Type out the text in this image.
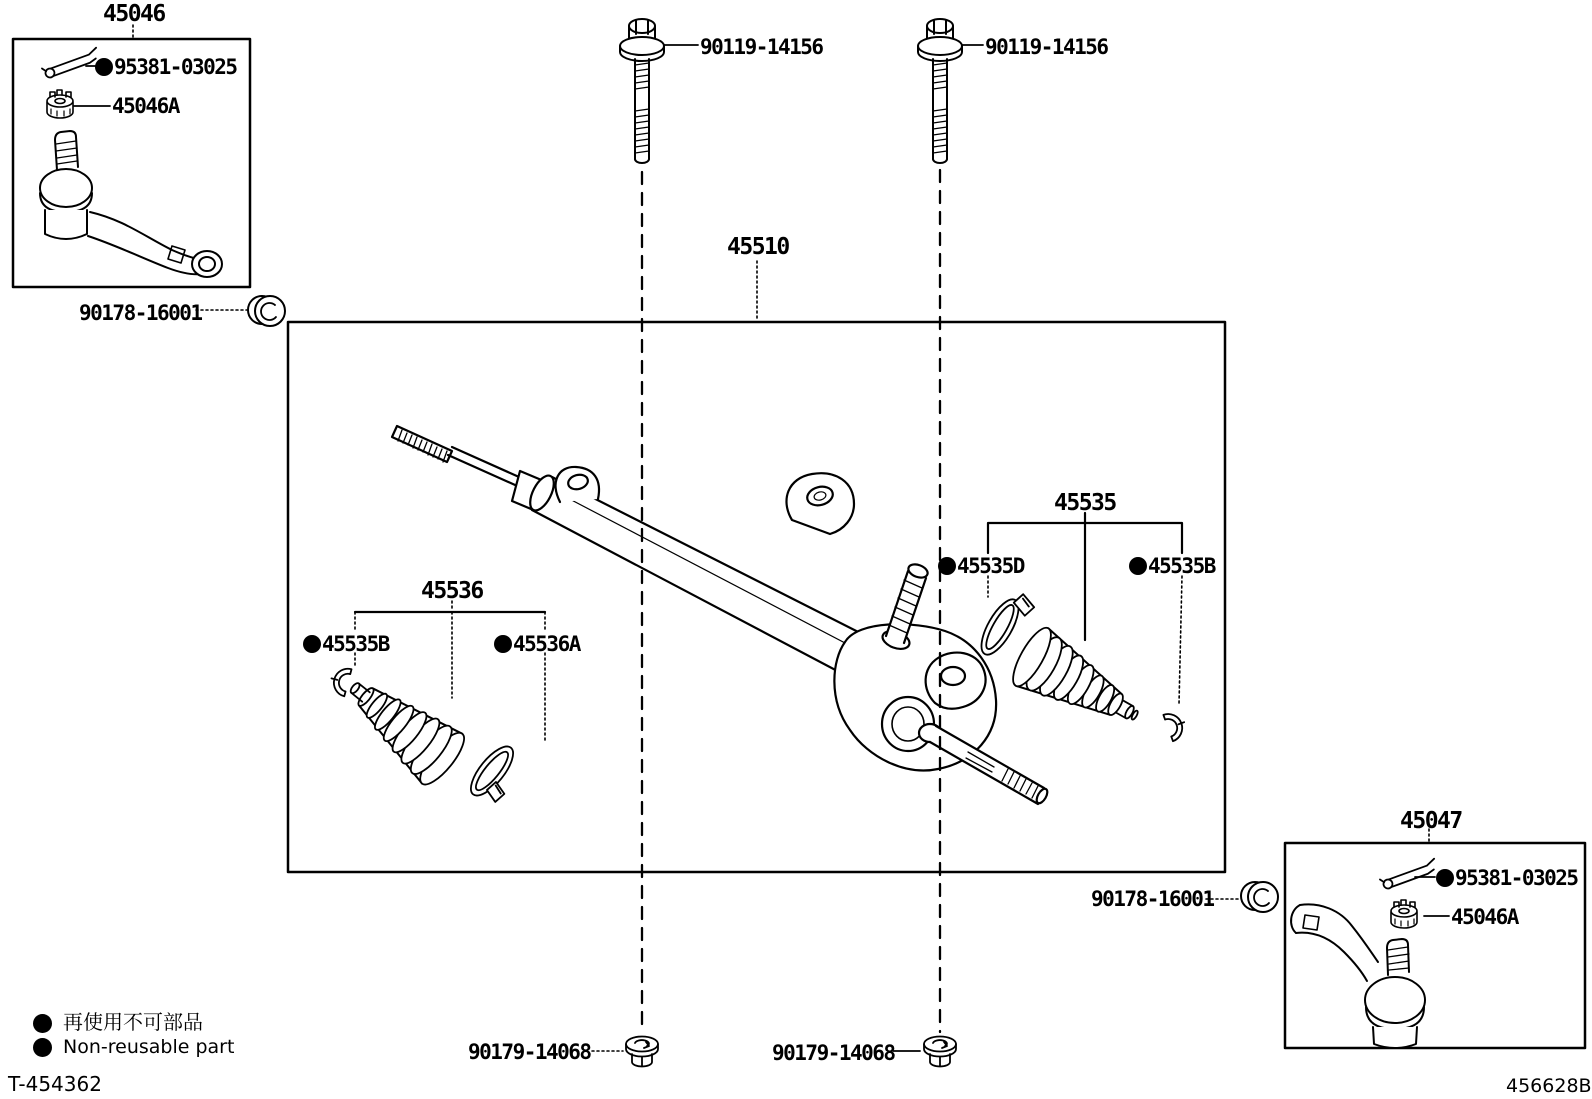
45046
95381-03025
45046A
90178-16001
90119-14156	90119-14156
45510
45536
45535B	45536A
45535
45535D	45535B
90179-14068	90179-14068
90178-16001
45047
95381-03025
45046A
再使用不可部品
Non-reusable part
T-454362	456628B
